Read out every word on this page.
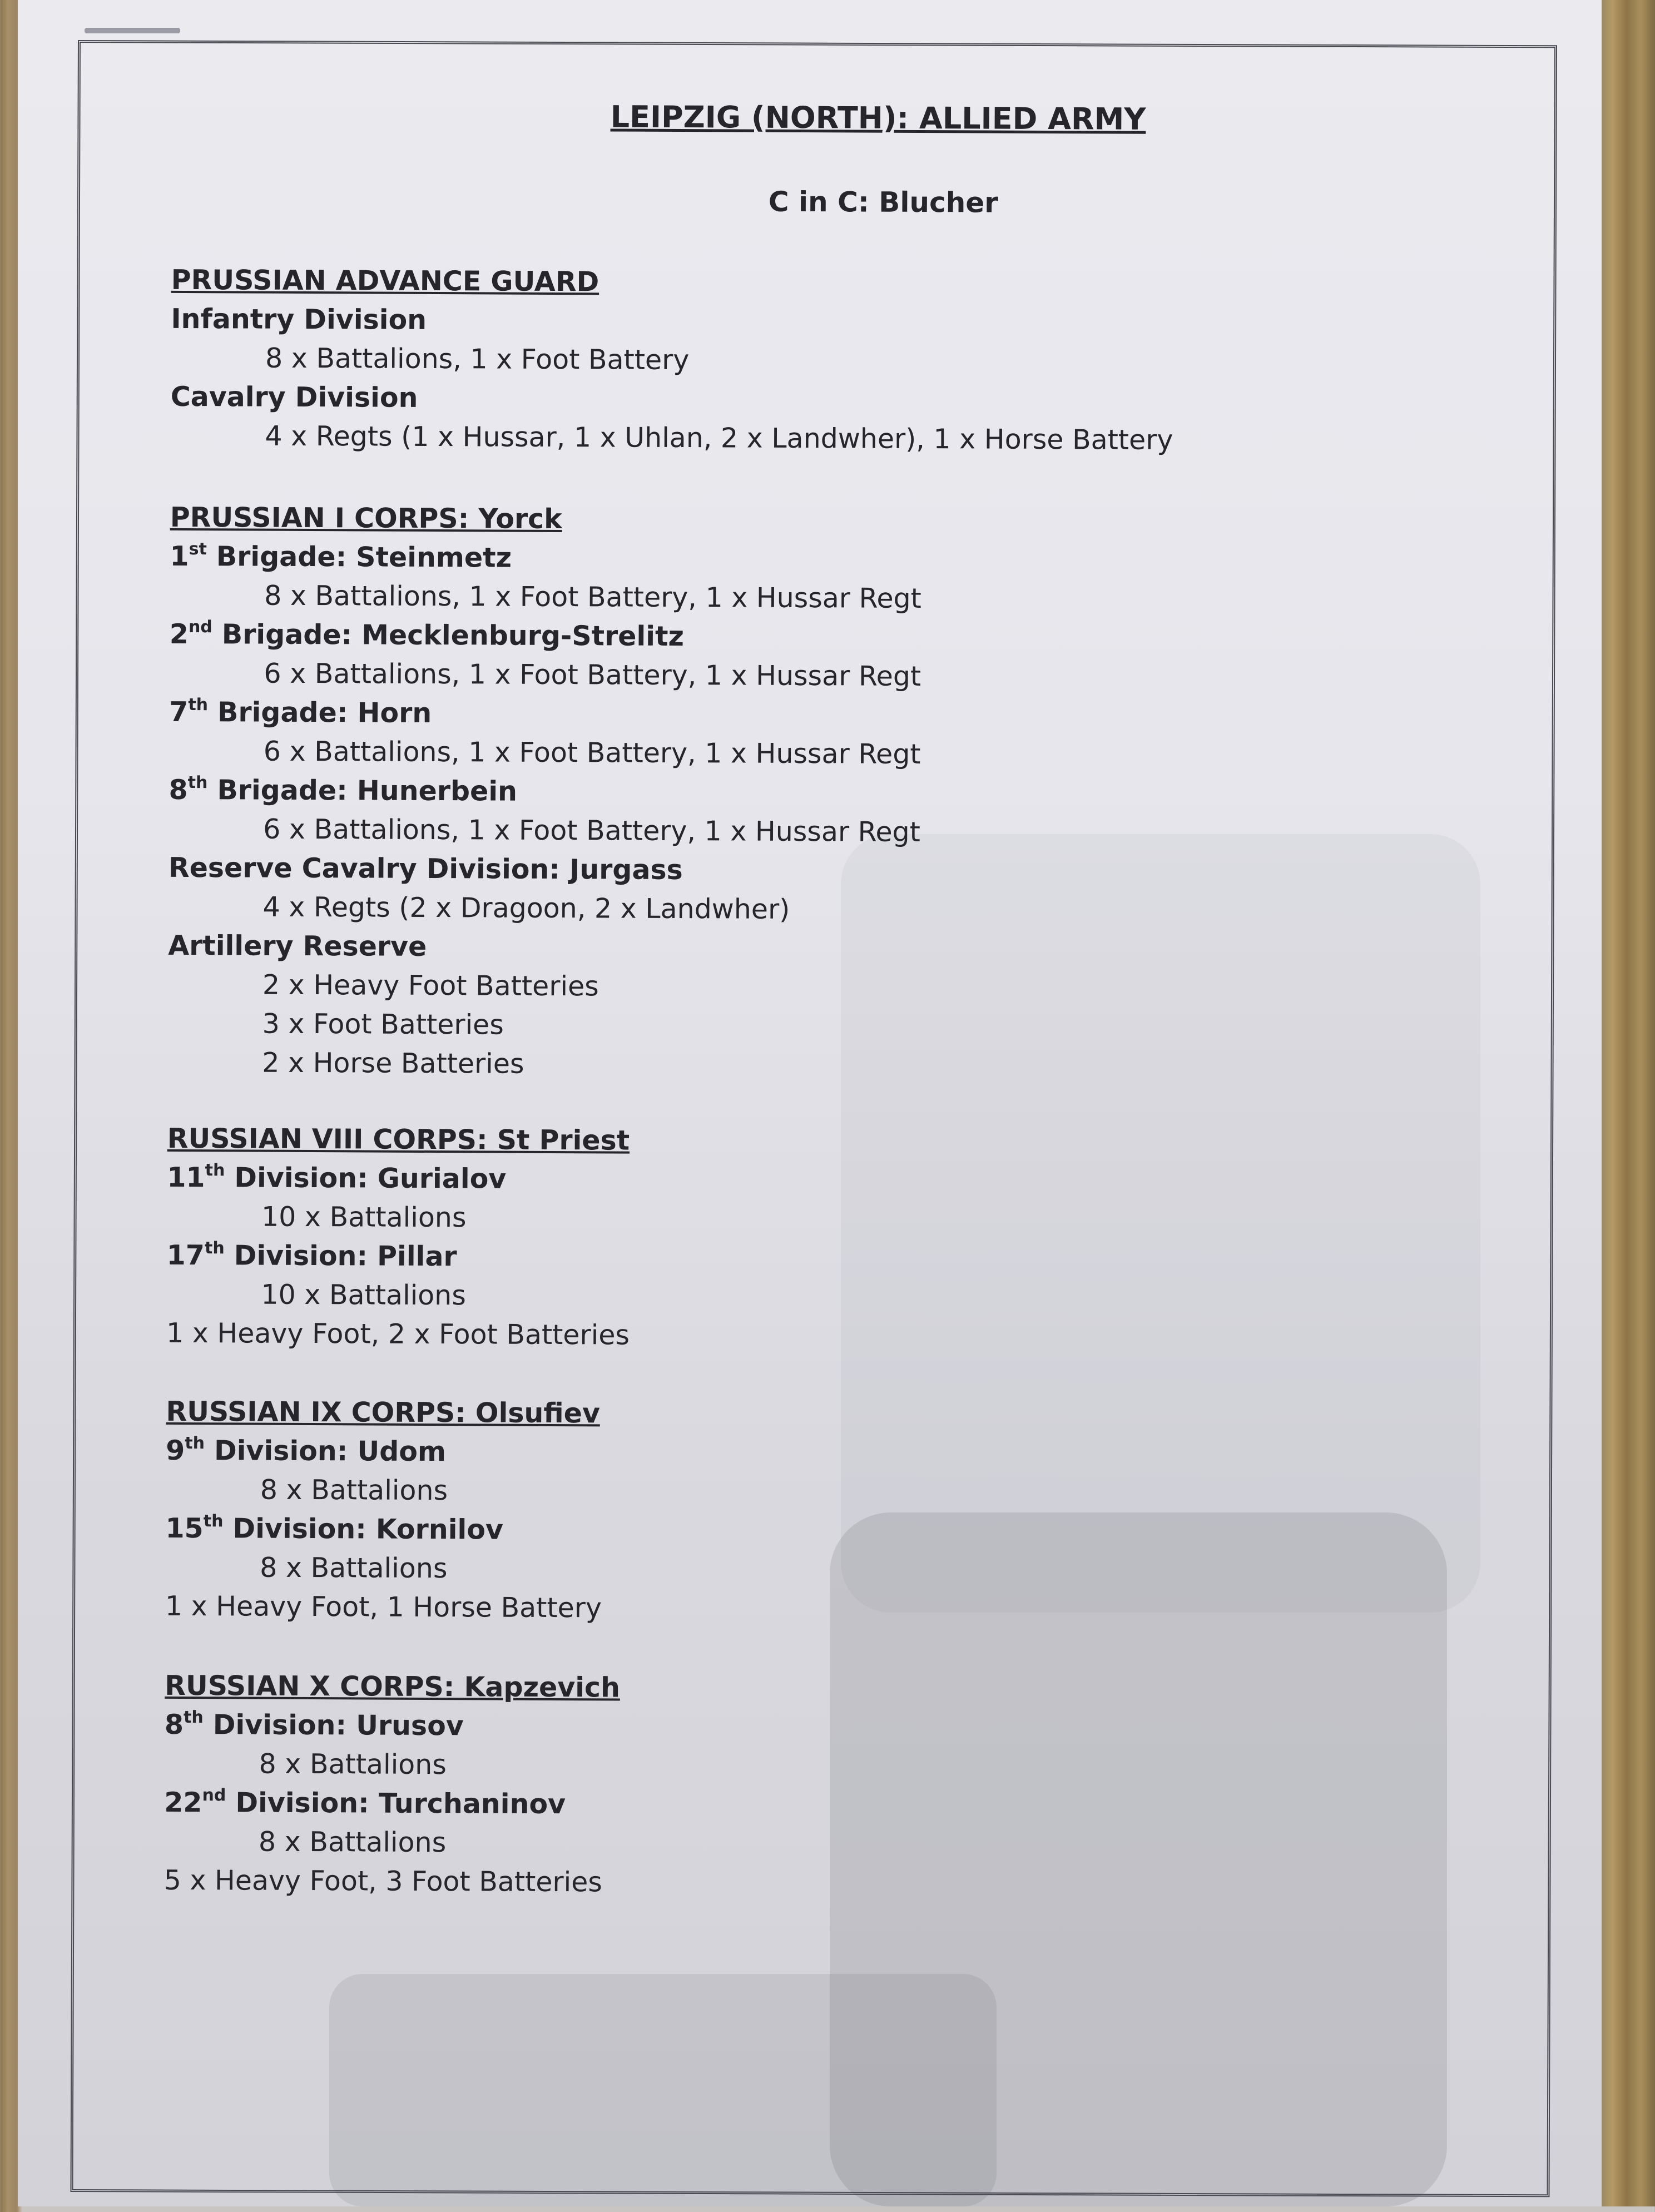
LEIPZIG (NORTH): ALLIED ARMY
C in C: Blucher
PRUSSIAN ADVANCE GUARD
Infantry Division
8 x Battalions, 1 x Foot Battery
Cavalry Division
4 x Regts (1 x Hussar, 1 x Uhlan, 2 x Landwher), 1 x Horse Battery
PRUSSIAN I CORPS: Yorck
1st Brigade: Steinmetz
8 x Battalions, 1 x Foot Battery, 1 x Hussar Regt
2nd Brigade: Mecklenburg-Strelitz
6 x Battalions, 1 x Foot Battery, 1 x Hussar Regt
7th Brigade: Horn
6 x Battalions, 1 x Foot Battery, 1 x Hussar Regt
8th Brigade: Hunerbein
6 x Battalions, 1 x Foot Battery, 1 x Hussar Regt
Reserve Cavalry Division: Jurgass
4 x Regts (2 x Dragoon, 2 x Landwher)
Artillery Reserve
2 x Heavy Foot Batteries
3 x Foot Batteries
2 x Horse Batteries
RUSSIAN VIII CORPS: St Priest
11th Division: Gurialov
10 x Battalions
17th Division: Pillar
10 x Battalions
1 x Heavy Foot, 2 x Foot Batteries
RUSSIAN IX CORPS: Olsufiev
9th Division: Udom
8 x Battalions
15th Division: Kornilov
8 x Battalions
1 x Heavy Foot, 1 Horse Battery
RUSSIAN X CORPS: Kapzevich
8th Division: Urusov
8 x Battalions
22nd Division: Turchaninov
8 x Battalions
5 x Heavy Foot, 3 Foot Batteries
